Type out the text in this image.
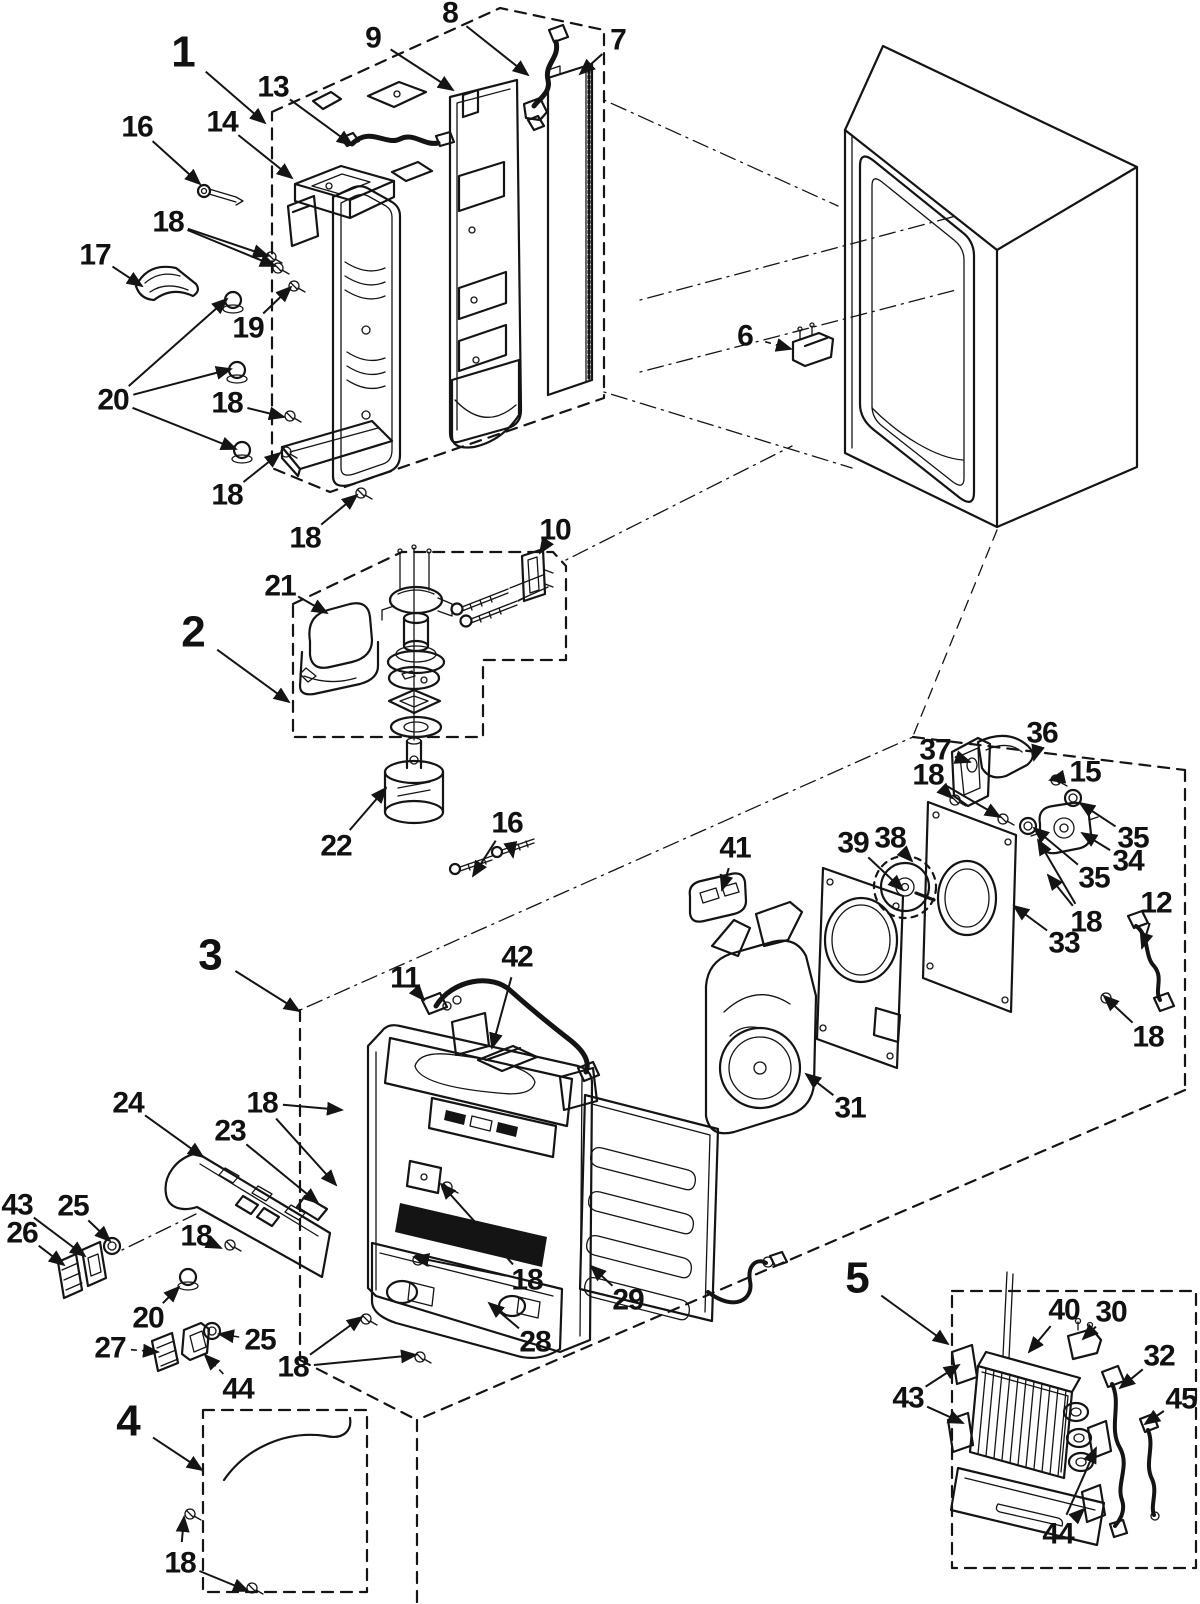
1
13
9
8
7
16 14
18
17
19
20	18
18
18
6
10
21
2
22
16
36
37
18	15
35
34
35
41	39 38
12
18
33
18
3	11
42
24	18
23
43 25
26	18
20
27	25
44
18
4
18
28
29
31
5
40 30
32
45
43
44
18
